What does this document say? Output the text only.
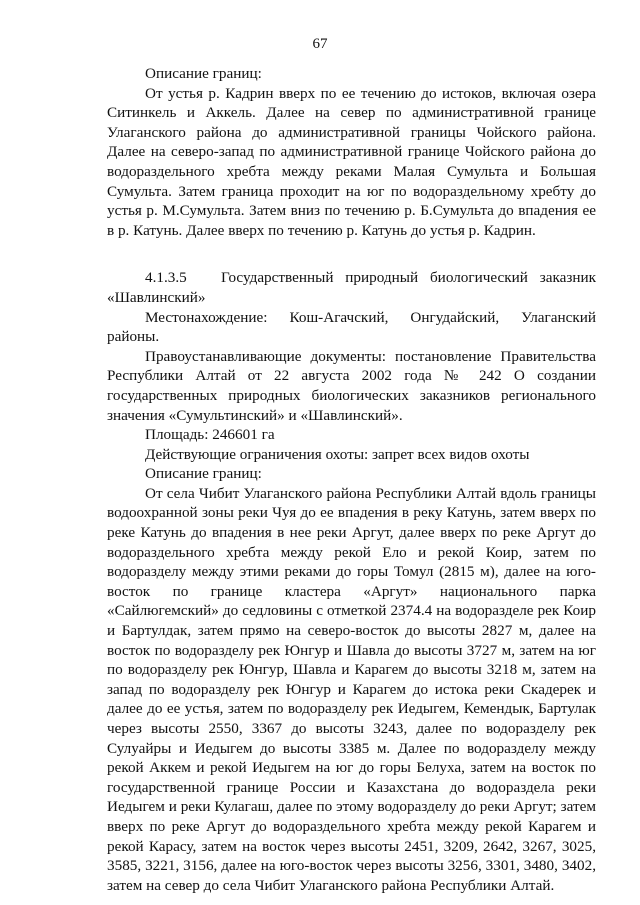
67

Описание границ:

От устья р. Кадрин вверх по ее течению до истоков, включая озера Ситинкель и Аккель. Далее на север по административной границе Улаганского района до административной границы Чойского района. Далее на северо-запад по административной границе Чойского района до водораздельного хребта между реками Малая Сумульта и Большая Сумульта. Затем граница проходит на юг по водораздельному хребту до устья р. М.Сумульта. Затем вниз по течению р. Б.Сумульта до впадения ее в р. Катунь. Далее вверх по течению р. Катунь до устья р. Кадрин.

4.1.3.5	Государственный природный биологический заказник

«Шавлинский»

Местонахождение: Кош-Агачский, Онгудайский, Улаганский районы.

Правоустанавливающие документы: постановление Правительства Республики Алтай от 22 августа 2002 года № 242 О создании государственных природных биологических заказников регионального значения «Сумультинский» и «Шавлинский».

Площадь: 246601 га

Действующие ограничения охоты: запрет всех видов охоты

Описание границ:

От села Чибит Улаганского района Республики Алтай вдоль границы водоохранной зоны реки Чуя до ее впадения в реку Катунь, затем вверх по реке Катунь до впадения в нее реки Аргут, далее вверх по реке Аргут до водораздельного хребта между рекой Ело и рекой Коир, затем по водоразделу между этими реками до горы Томул (2815 м), далее на юго-восток по границе кластера «Аргут» национального парка «Сайлюгемский» до седловины с отметкой 2374.4 на водоразделе рек Коир и Бартулдак, затем прямо на северо-восток до высоты 2827 м, далее на восток по водоразделу рек Юнгур и Шавла до высоты 3727 м, затем на юг по водоразделу рек Юнгур, Шавла и Карагем до высоты 3218 м, затем на запад по водоразделу рек Юнгур и Карагем до истока реки Скадерек и далее до ее устья, затем по водоразделу рек Иедыгем, Кемендык, Бартулак через высоты 2550, 3367 до высоты 3243, далее по водоразделу рек Сулуайры и Иедыгем до высоты 3385 м. Далее по водоразделу между рекой Аккем и рекой Иедыгем на юг до горы Белуха, затем на восток по государственной границе России и Казахстана до водораздела реки Иедыгем и реки Кулагаш, далее по этому водоразделу до реки Аргут; затем вверх по реке Аргут до водораздельного хребта между рекой Карагем и рекой Карасу, затем на восток через высоты 2451, 3209, 2642, 3267, 3025, 3585, 3221, 3156, далее на юго-восток через высоты 3256, 3301, 3480, 3402, затем на север до села Чибит Улаганского района Республики Алтай.
